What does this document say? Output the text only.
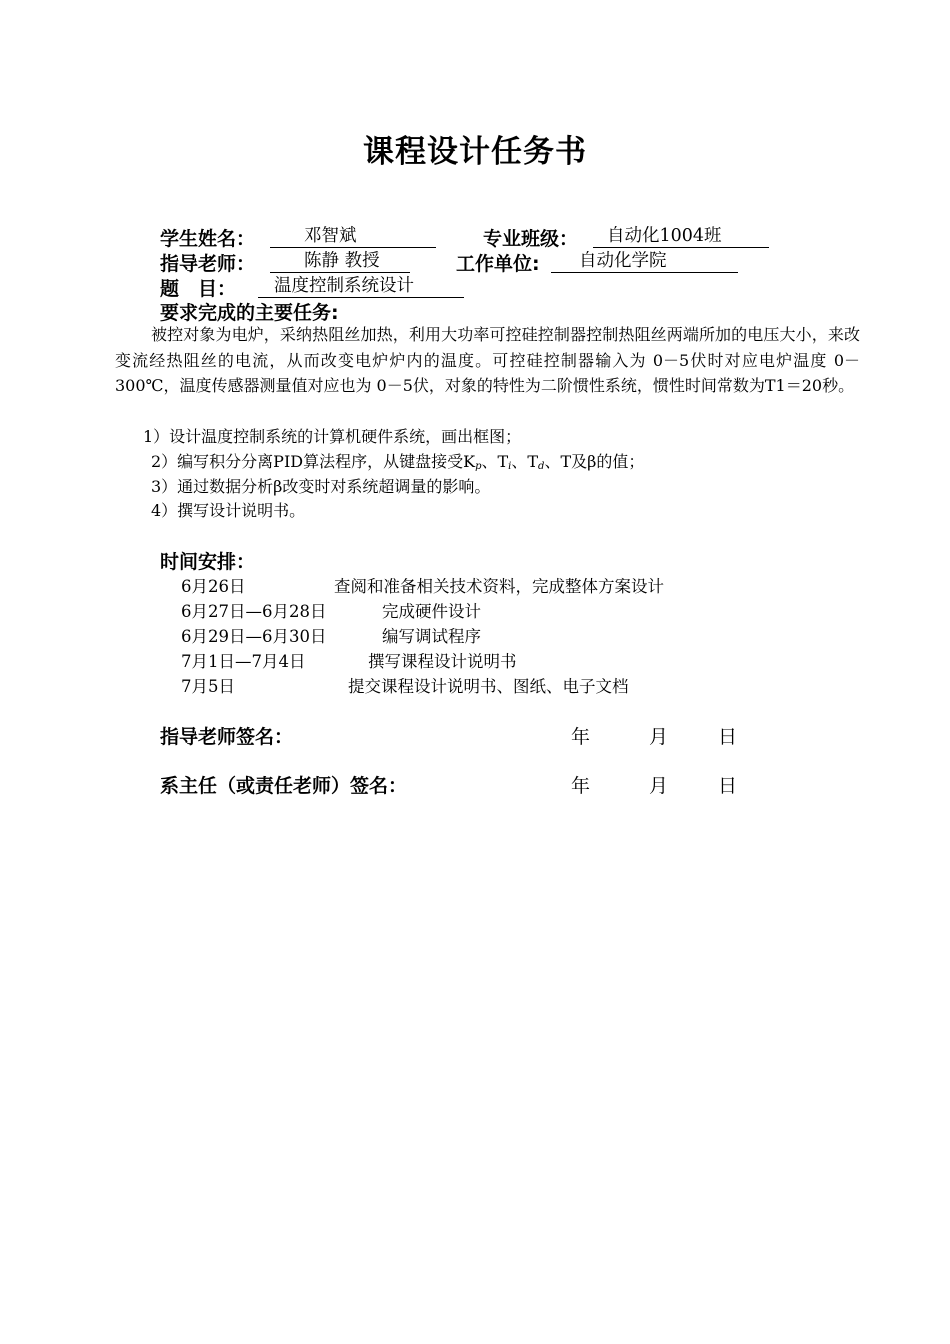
课程设计任务书
学生姓名：	邓智斌	专业班级：	自动化1004班
指导老师：	陈静 教授	工作单位:	自动化学院
题　目：	温度控制系统设计
要求完成的主要任务:
被控对象为电炉，采纳热阻丝加热，利用大功率可控硅控制器控制热阻丝两端所加的电压大小，来改变流经热阻丝的电流，从而改变电炉炉内的温度。可控硅控制器输入为 0－5伏时对应电炉温度 0－300℃，温度传感器测量值对应也为 0－5伏，对象的特性为二阶惯性系统，惯性时间常数为T1＝20秒。
1）设计温度控制系统的计算机硬件系统，画出框图；
2）编写积分分离PID算法程序，从键盘接受$K_p$、$T_i$、$T_d$、T及β的值；
3）通过数据分析β改变时对系统超调量的影响。
4）撰写设计说明书。
时间安排：
6月26日	查阅和准备相关技术资料，完成整体方案设计
6月27日—6月28日	完成硬件设计
6月29日—6月30日	编写调试程序
7月1日—7月4日	撰写课程设计说明书
7月5日	提交课程设计说明书、图纸、电子文档
指导老师签名：	年	月	日
系主任（或责任老师）签名：	年	月	日
